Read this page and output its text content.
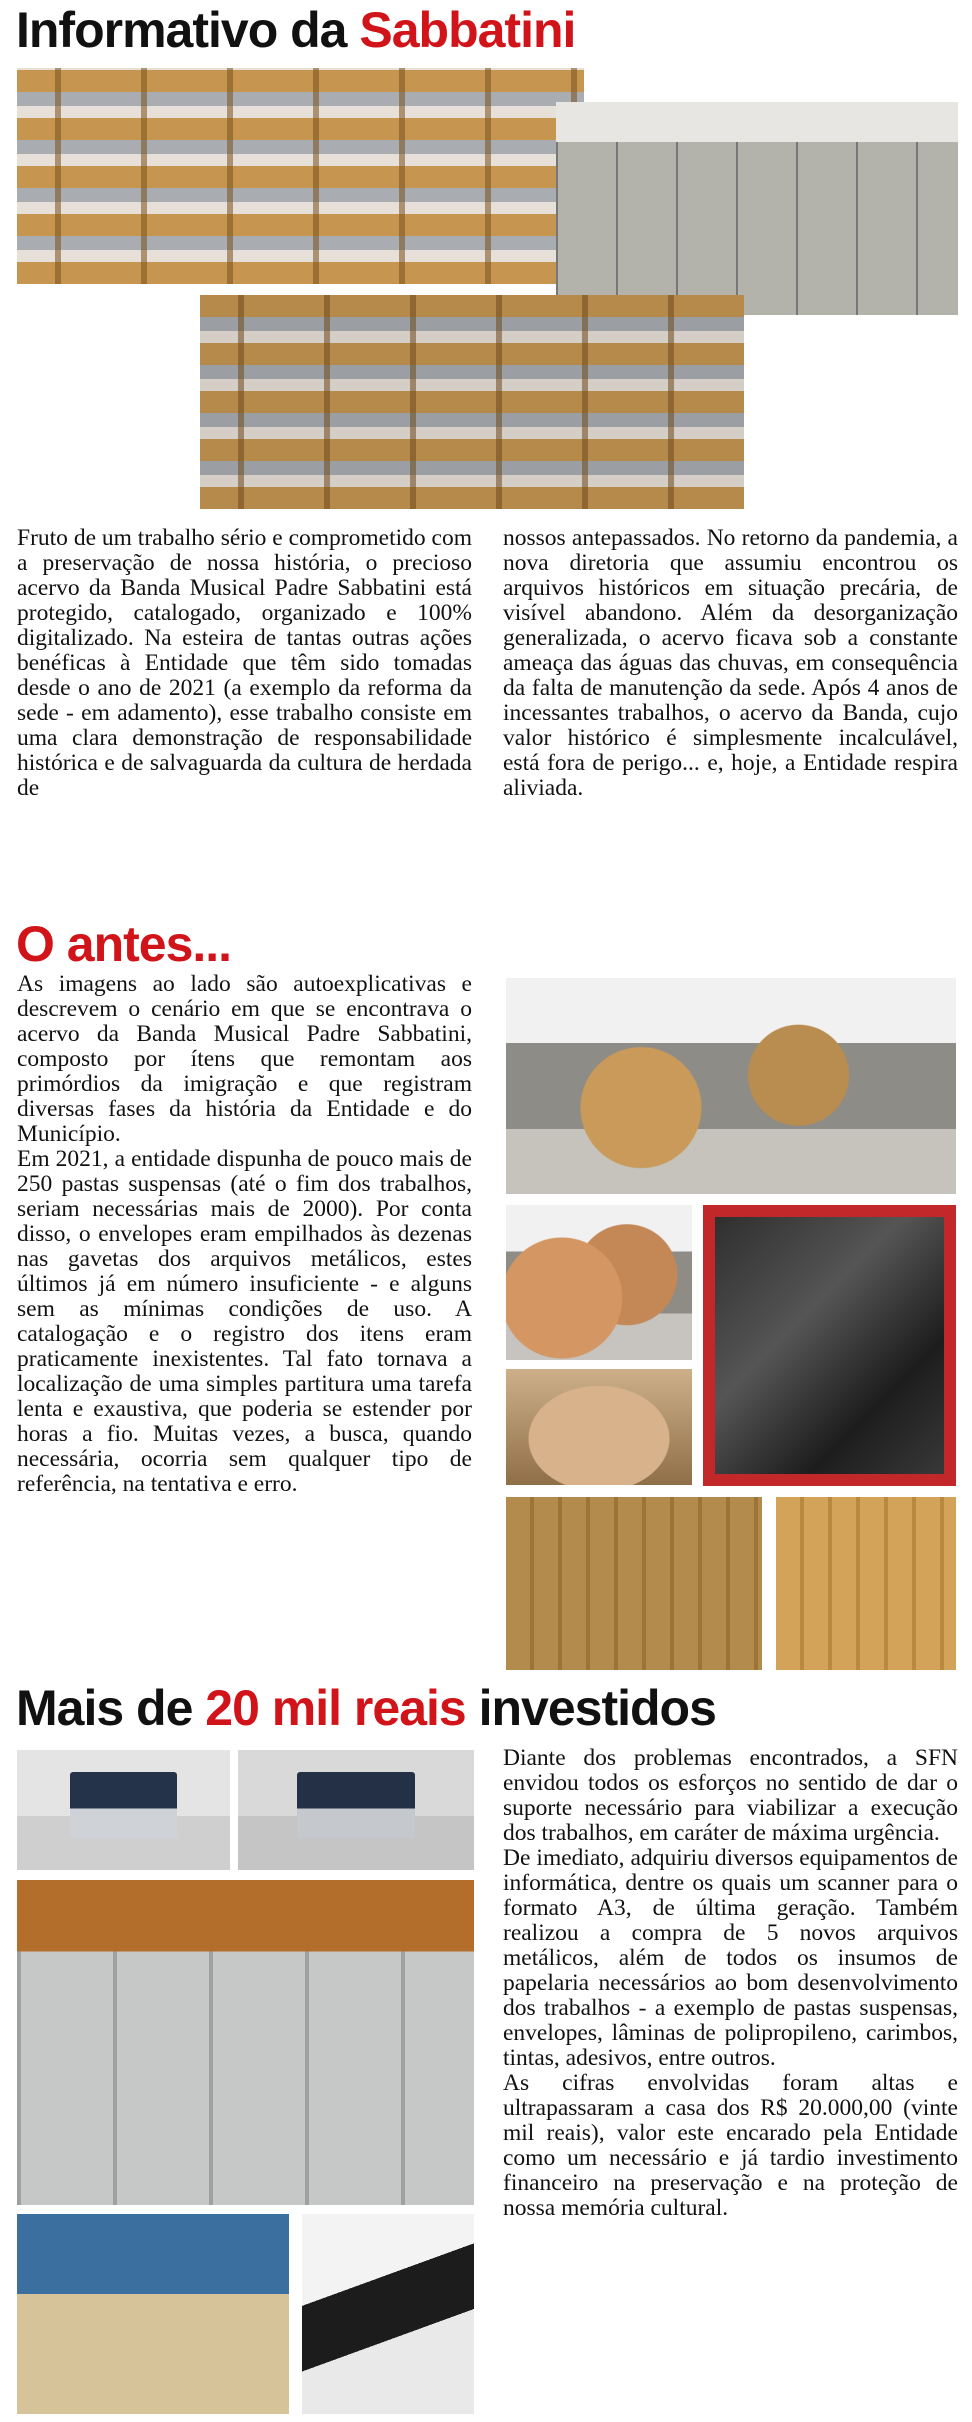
Informativo da Sabbatini

Fruto de um trabalho sério e comprometido com a preservação de nossa história, o precioso acervo da Banda Musical Padre Sabbatini está protegido, catalogado, organizado e 100% digitalizado. Na esteira de tantas outras ações benéficas à Entidade que têm sido tomadas desde o ano de 2021 (a exemplo da reforma da sede - em adamento), esse trabalho consiste em uma clara demonstração de responsabilidade histórica e de salvaguarda da cultura de herdada de

nossos antepassados. No retorno da pandemia, a nova diretoria que assumiu encontrou os arquivos históricos em situação precária, de visível abandono. Além da desorganização generalizada, o acervo ficava sob a constante ameaça das águas das chuvas, em consequência da falta de manutenção da sede. Após 4 anos de incessantes trabalhos, o acervo da Banda, cujo valor histórico é simplesmente incalculável, está fora de perigo... e, hoje, a Entidade respira aliviada.

O antes...

As imagens ao lado são autoexplicativas e descrevem o cenário em que se encontrava o acervo da Banda Musical Padre Sabbatini, composto por ítens que remontam aos primórdios da imigração e que registram diversas fases da história da Entidade e do Município.

Em 2021, a entidade dispunha de pouco mais de 250 pastas suspensas (até o fim dos trabalhos, seriam necessárias mais de 2000). Por conta disso, o envelopes eram empilhados às dezenas nas gavetas dos arquivos metálicos, estes últimos já em número insuficiente - e alguns sem as mínimas condições de uso. A catalogação e o registro dos itens eram praticamente inexistentes. Tal fato tornava a localização de uma simples partitura uma tarefa lenta e exaustiva, que poderia se estender por horas a fio. Muitas vezes, a busca, quando necessária, ocorria sem qualquer tipo de referência, na tentativa e erro.

Mais de 20 mil reais investidos

Diante dos problemas encontrados, a SFN envidou todos os esforços no sentido de dar o suporte necessário para viabilizar a execução dos trabalhos, em caráter de máxima urgência.

De imediato, adquiriu diversos equipamentos de informática, dentre os quais um scanner para o formato A3, de última geração. Também realizou a compra de 5 novos arquivos metálicos, além de todos os insumos de papelaria necessários ao bom desenvolvimento dos trabalhos - a exemplo de pastas suspensas, envelopes, lâminas de polipropileno, carimbos, tintas, adesivos, entre outros.

As cifras envolvidas foram altas e ultrapassaram a casa dos R$ 20.000,00 (vinte mil reais), valor este encarado pela Entidade como um necessário e já tardio investimento financeiro na preservação e na proteção de nossa memória cultural.
